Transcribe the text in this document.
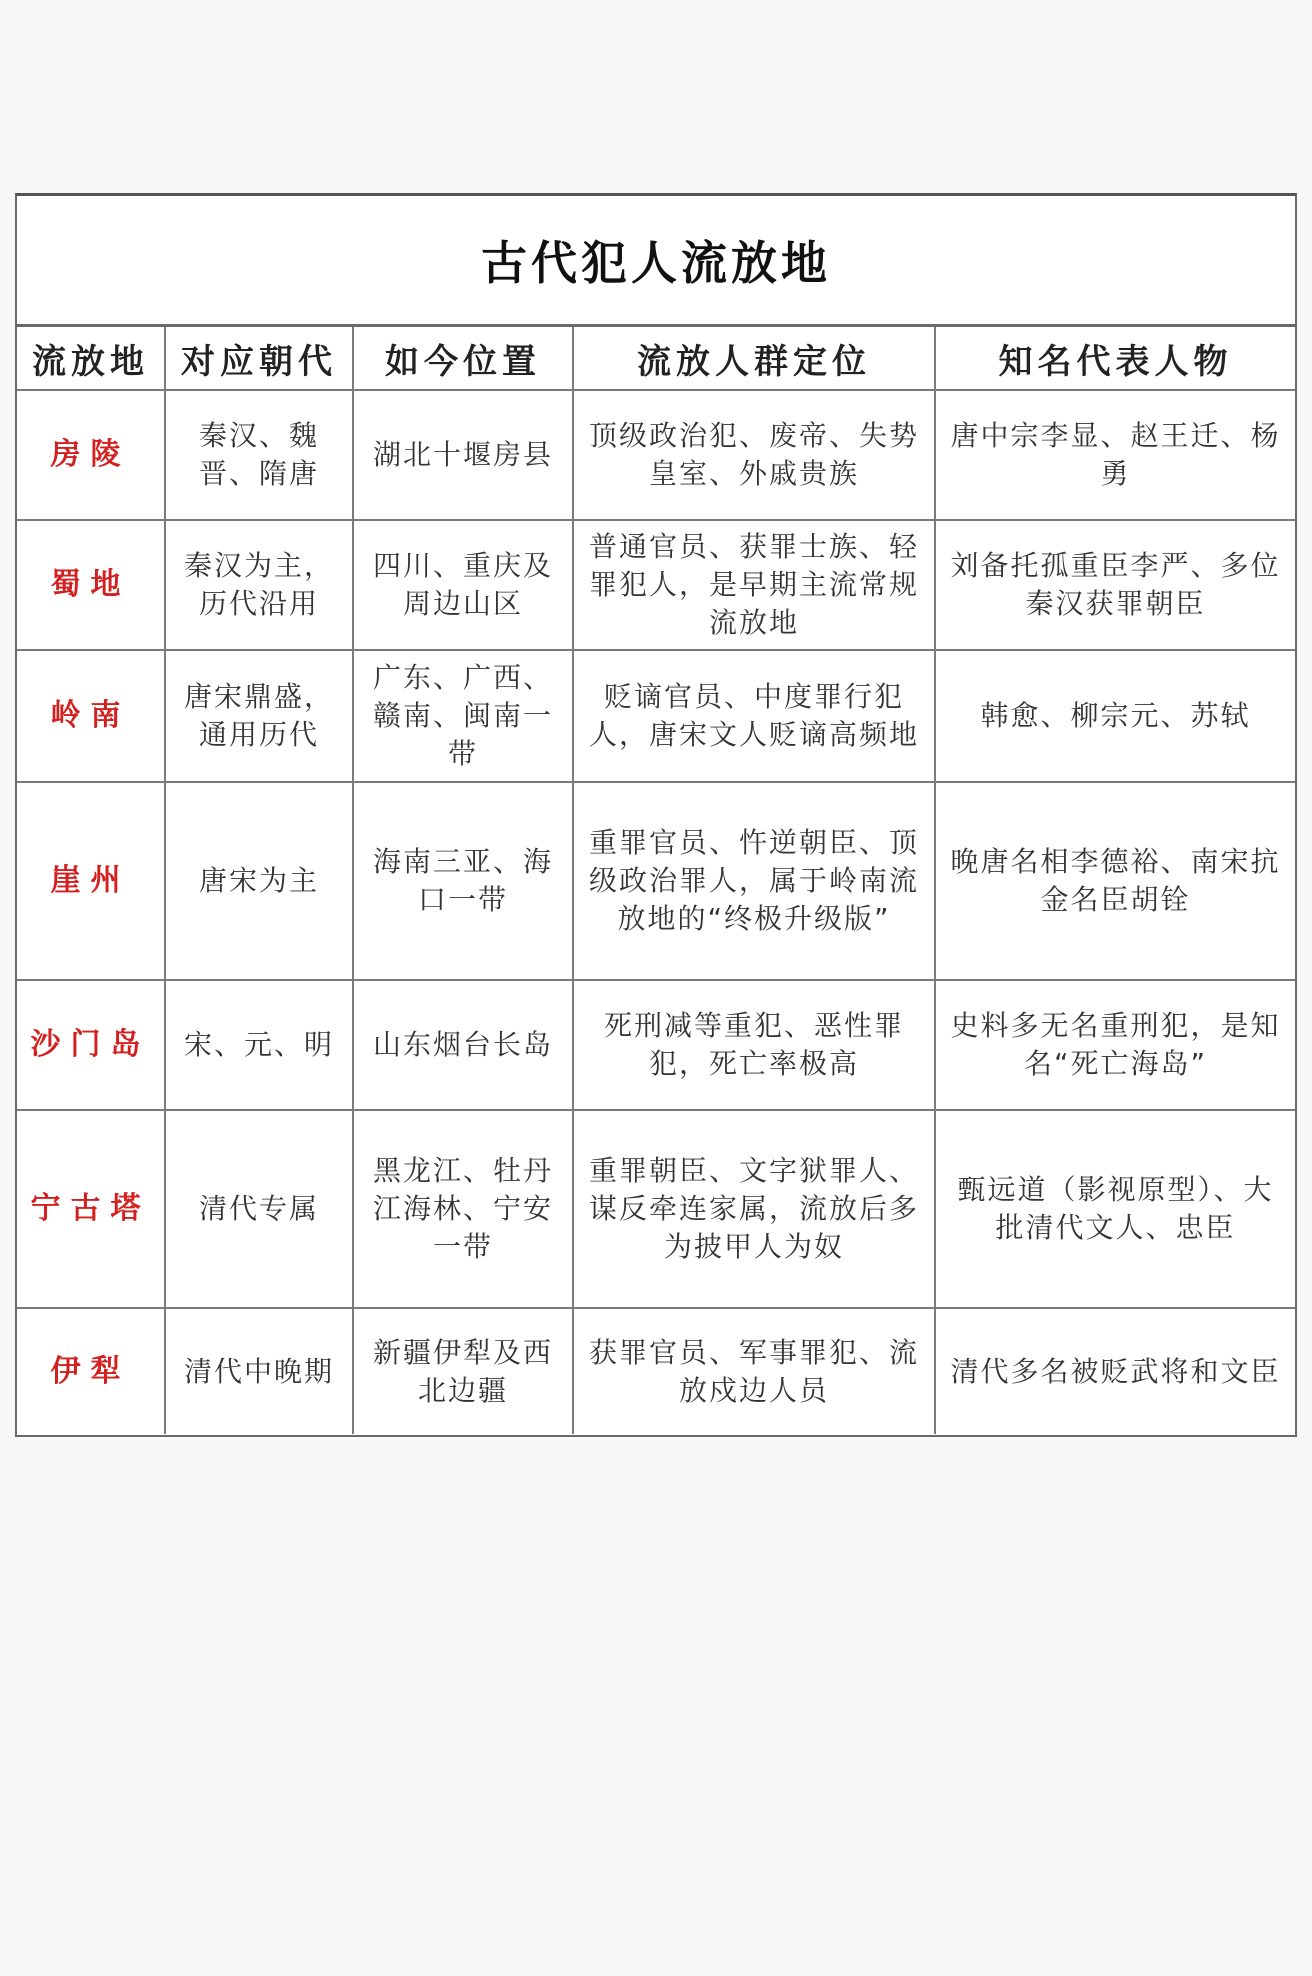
古代犯人流放地
流放地	对应朝代	如今位置	流放人群定位	知名代表人物
房陵	秦汉、魏晋、隋唐	湖北十堰房县	顶级政治犯、废帝、失势皇室、外戚贵族	唐中宗李显、赵王迁、杨勇
蜀地	秦汉为主，历代沿用	四川、重庆及周边山区	普通官员、获罪士族、轻罪犯人，是早期主流常规流放地	刘备托孤重臣李严、多位秦汉获罪朝臣
岭南	唐宋鼎盛，通用历代	广东、广西、赣南、闽南一带	贬谪官员、中度罪行犯人，唐宋文人贬谪高频地	韩愈、柳宗元、苏轼
崖州	唐宋为主	海南三亚、海口一带	重罪官员、忤逆朝臣、顶级政治罪人，属于岭南流放地的“终极升级版”	晚唐名相李德裕、南宋抗金名臣胡铨
沙门岛	宋、元、明	山东烟台长岛	死刑减等重犯、恶性罪犯，死亡率极高	史料多无名重刑犯，是知名“死亡海岛”
宁古塔	清代专属	黑龙江、牡丹江海林、宁安一带	重罪朝臣、文字狱罪人、谋反牵连家属，流放后多为披甲人为奴	甄远道（影视原型）、大批清代文人、忠臣
伊犁	清代中晚期	新疆伊犁及西北边疆	获罪官员、军事罪犯、流放戍边人员	清代多名被贬武将和文臣
